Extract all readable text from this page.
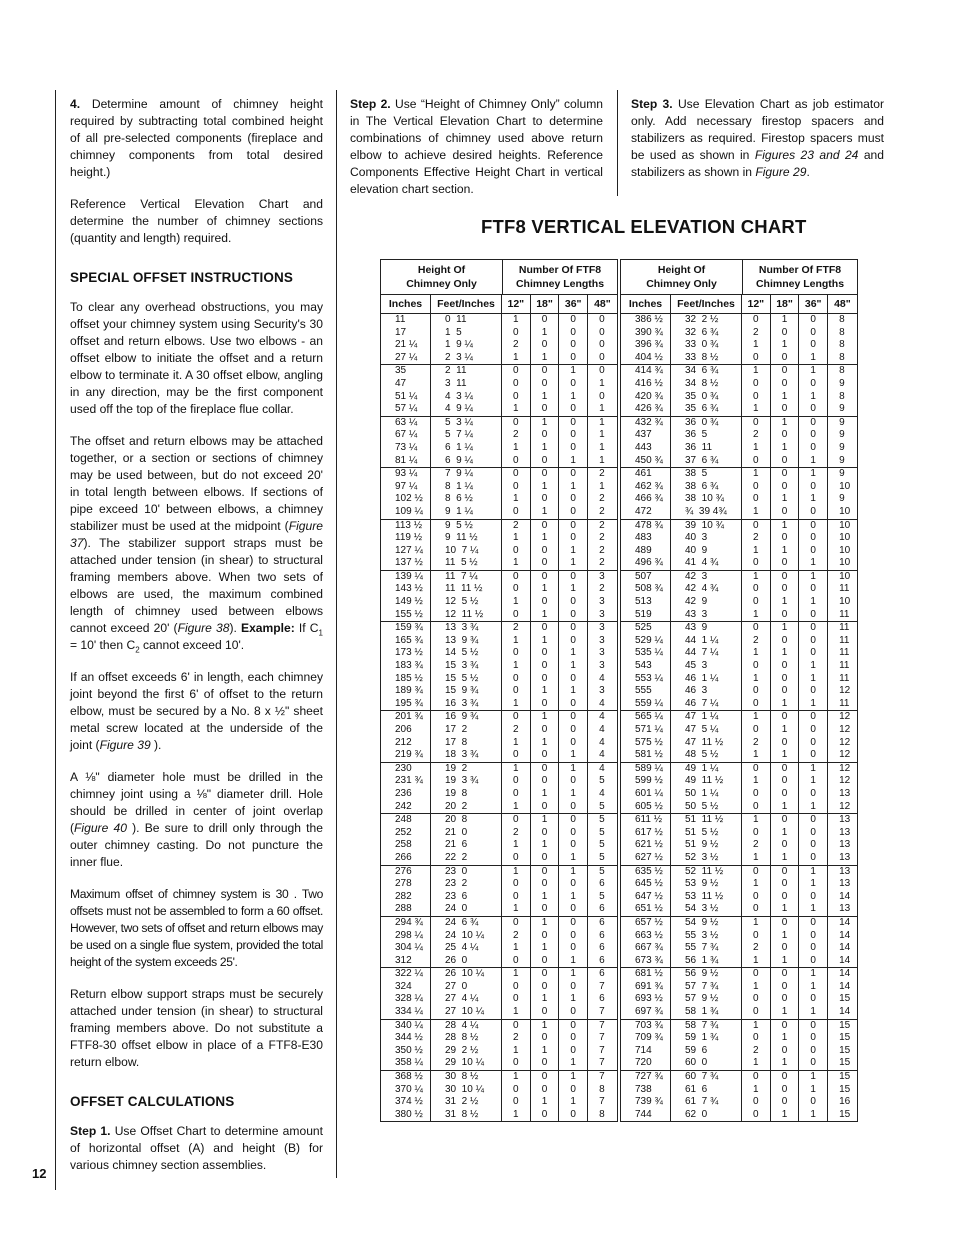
4. Determine amount of chimney height required by subtracting total combined height of all pre-selected components (fireplace and chimney components from total desired height.)

Reference Vertical Elevation Chart and determine the number of chimney sections (quantity and length) required.

SPECIAL OFFSET INSTRUCTIONS

To clear any overhead obstructions, you may offset your chimney system using Security's 30 offset and return elbows. Use two elbows - an offset elbow to initiate the offset and a return elbow to terminate it. A 30 offset elbow, angling in any direction, may be the first component used off the top of the fireplace flue collar.

The offset and return elbows may be attached together, or a section or sections of chimney may be used between, but do not exceed 20' in total length between elbows. If sections of pipe exceed 10' between elbows, a chimney stabilizer must be used at the midpoint (Figure 37). The stabilizer support straps must be attached under tension (in shear) to structural framing members above. When two sets of elbows are used, the maximum combined length of chimney used between elbows cannot exceed 20' (Figure 38). Example: If $C_1 = 10'$ then $C_2$ cannot exceed 10'.

If an offset exceeds 6' in length, each chimney joint beyond the first 6' of offset to the return elbow, must be secured by a No. 8 x ½" sheet metal screw located at the underside of the joint (Figure 39 ).

A ⅛" diameter hole must be drilled in the chimney joint using a ⅛" diameter drill. Hole should be drilled in center of joint overlap (Figure 40 ). Be sure to drill only through the outer chimney casting. Do not puncture the inner flue.

Maximum offset of chimney system is 30 . Two offsets must not be assembled to form a 60 offset. However, two sets of offset and return elbows may be used on a single flue system, provided the total height of the system exceeds 25'.

Return elbow support straps must be securely attached under tension (in shear) to structural framing members above. Do not substitute a FTF8-30 offset elbow in place of a FTF8-E30 return elbow.

OFFSET CALCULATIONS

Step 1. Use Offset Chart to determine amount of horizontal offset (A) and height (B) for various chimney section assemblies.

Step 2. Use “Height of Chimney Only” column in The Vertical Elevation Chart to determine combinations of chimney used above return elbow to achieve desired heights. Reference Components Effective Height Chart in vertical elevation chart section.

Step 3. Use Elevation Chart as job estimator only. Add necessary firestop spacers and stabilizers as required. Firestop spacers must be used as shown in Figures 23 and 24 and stabilizers as shown in Figure 29.

FTF8 VERTICAL ELEVATION CHART
Height Of
Chimney Only
Number Of FTF8
Chimney Lengths
Inches	Feet/Inches	12"	18"	36"	48"
11	0  11	1	0	0	0
17	1  5	0	1	0	0
21 ¼	1  9 ¼	2	0	0	0
27 ¼	2  3 ¼	1	1	0	0
35	2  11	0	0	1	0
47	3  11	0	0	0	1
51 ¼	4  3 ¼	0	1	1	0
57 ¼	4  9 ¼	1	0	0	1
63 ¼	5  3 ¼	0	1	0	1
67 ¼	5  7 ¼	2	0	0	1
73 ¼	6  1 ¼	1	1	0	1
81 ¼	6  9 ¼	0	0	1	1
93 ¼	7  9 ¼	0	0	0	2
97 ¼	8  1 ¼	0	1	1	1
102 ½	8  6 ½	1	0	0	2
109 ¼	9  1 ¼	0	1	0	2
113 ½	9  5 ½	2	0	0	2
119 ½	9  11 ½	1	1	0	2
127 ¼	10  7 ¼	0	0	1	2
137 ½	11  5 ½	1	0	1	2
139 ¼	11  7 ¼	0	0	0	3
143 ½	11  11 ½	0	1	1	2
149 ½	12  5 ½	1	0	0	3
155 ½	12  11 ½	0	1	0	3
159 ¾	13  3 ¾	2	0	0	3
165 ¾	13  9 ¾	1	1	0	3
173 ½	14  5 ½	0	0	1	3
183 ¾	15  3 ¾	1	0	1	3
185 ½	15  5 ½	0	0	0	4
189 ¾	15  9 ¾	0	1	1	3
195 ¾	16  3 ¾	1	0	0	4
201 ¾	16  9 ¾	0	1	0	4
206	17  2	2	0	0	4
212	17  8	1	1	0	4
219 ¾	18  3 ¾	0	0	1	4
230	19  2	1	0	1	4
231 ¾	19  3 ¾	0	0	0	5
236	19  8	0	1	1	4
242	20  2	1	0	0	5
248	20  8	0	1	0	5
252	21  0	2	0	0	5
258	21  6	1	1	0	5
266	22  2	0	0	1	5
276	23  0	1	0	1	5
278	23  2	0	0	0	6
282	23  6	0	1	1	5
288	24  0	1	0	0	6
294 ¾	24  6 ¾	0	1	0	6
298 ¼	24  10 ¼	2	0	0	6
304 ¼	25  4 ¼	1	1	0	6
312	26  0	0	0	1	6
322 ¼	26  10 ¼	1	0	1	6
324	27  0	0	0	0	7
328 ¼	27  4 ¼	0	1	1	6
334 ¼	27  10 ¼	1	0	0	7
340 ¼	28  4 ¼	0	1	0	7
344 ½	28  8 ½	2	0	0	7
350 ½	29  2 ½	1	1	0	7
358 ¼	29  10 ¼	0	0	1	7
368 ½	30  8 ½	1	0	1	7
370 ¼	30  10 ¼	0	0	0	8
374 ½	31  2 ½	0	1	1	7
380 ½	31  8 ½	1	0	0	8
Height Of
Chimney Only
Number Of FTF8
Chimney Lengths
Inches	Feet/Inches	12"	18"	36"	48"
386 ½	32  2 ½	0	1	0	8
390 ¾	32  6 ¾	2	0	0	8
396 ¾	33  0 ¾	1	1	0	8
404 ½	33  8 ½	0	0	1	8
414 ¾	34  6 ¾	1	0	1	8
416 ½	34  8 ½	0	0	0	9
420 ¾	35  0 ¾	0	1	1	8
426 ¾	35  6 ¾	1	0	0	9
432 ¾	36  0 ¾	0	1	0	9
437	36  5	2	0	0	9
443	36  11	1	1	0	9
450 ¾	37  6 ¾	0	0	1	9
461	38  5	1	0	1	9
462 ¾	38  6 ¾	0	0	0	10
466 ¾	38  10 ¾	0	1	1	9
472	¾  39 4¾	1	0	0	10
478 ¾	39  10 ¾	0	1	0	10
483	40  3	2	0	0	10
489	40  9	1	1	0	10
496 ¾	41  4 ¾	0	0	1	10
507	42  3	1	0	1	10
508 ¾	42  4 ¾	0	0	0	11
513	42  9	0	1	1	10
519	43  3	1	0	0	11
525	43  9	0	1	0	11
529 ¼	44  1 ¼	2	0	0	11
535 ¼	44  7 ¼	1	1	0	11
543	45  3	0	0	1	11
553 ¼	46  1 ¼	1	0	1	11
555	46  3	0	0	0	12
559 ¼	46  7 ¼	0	1	1	11
565 ¼	47  1 ¼	1	0	0	12
571 ¼	47  5 ¼	0	1	0	12
575 ½	47  11 ½	2	0	0	12
581 ½	48  5 ½	1	1	0	12
589 ¼	49  1 ¼	0	0	1	12
599 ½	49  11 ½	1	0	1	12
601 ¼	50  1 ¼	0	0	0	13
605 ½	50  5 ½	0	1	1	12
611 ½	51  11 ½	1	0	0	13
617 ½	51  5 ½	0	1	0	13
621 ½	51  9 ½	2	0	0	13
627 ½	52  3 ½	1	1	0	13
635 ½	52  11 ½	0	0	1	13
645 ½	53  9 ½	1	0	1	13
647 ½	53  11 ½	0	0	0	14
651 ½	54  3 ½	0	1	1	13
657 ½	54  9 ½	1	0	0	14
663 ½	55  3 ½	0	1	0	14
667 ¾	55  7 ¾	2	0	0	14
673 ¾	56  1 ¾	1	1	0	14
681 ½	56  9 ½	0	0	1	14
691 ¾	57  7 ¾	1	0	1	14
693 ½	57  9 ½	0	0	0	15
697 ¾	58  1 ¾	0	1	1	14
703 ¾	58  7 ¾	1	0	0	15
709 ¾	59  1 ¾	0	1	0	15
714	59  6	2	0	0	15
720	60  0	1	1	0	15
727 ¾	60  7 ¾	0	0	1	15
738	61  6	1	0	1	15
739 ¾	61  7 ¾	0	0	0	16
744	62  0	0	1	1	15
12
